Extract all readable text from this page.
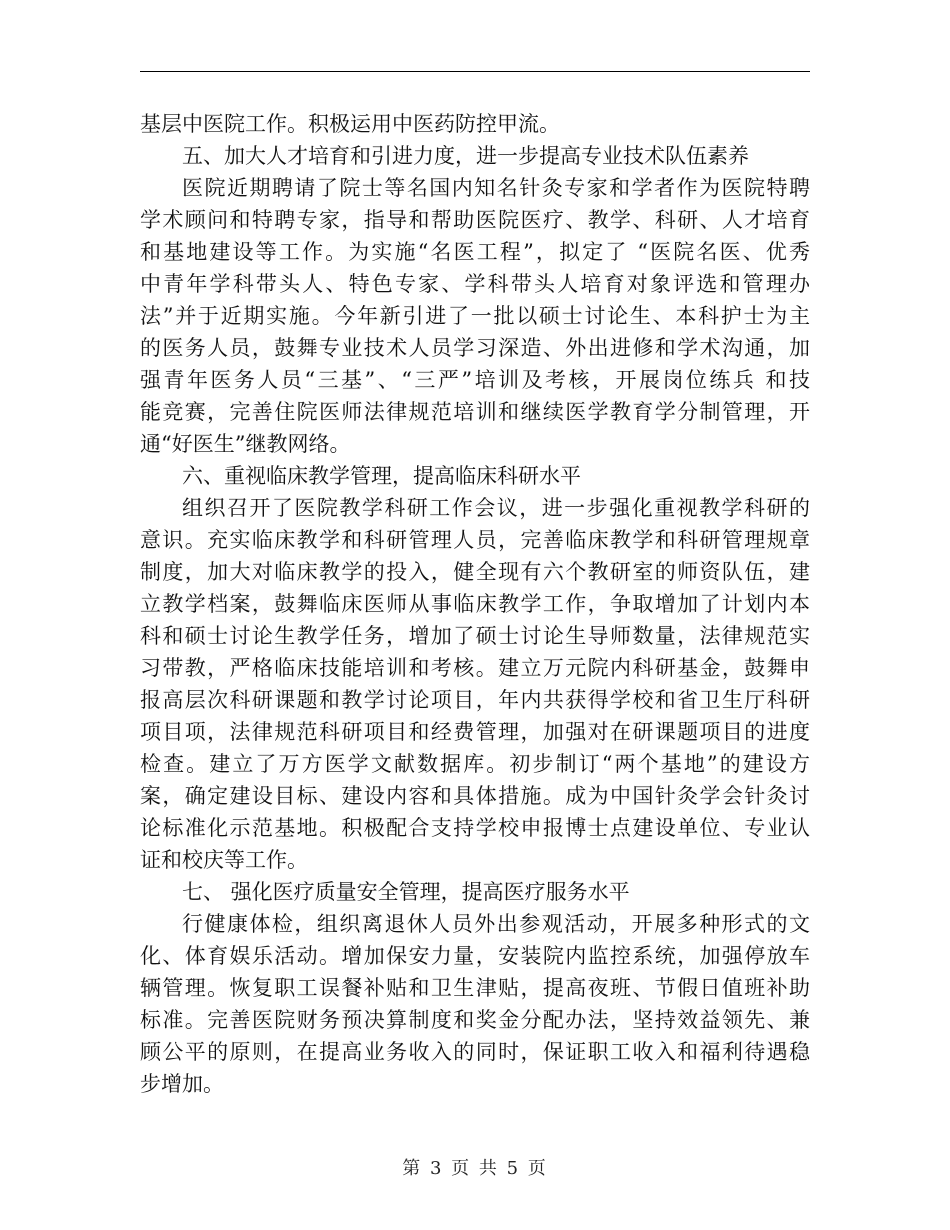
基层中医院工作。积极运用中医药防控甲流。
五、加大人才培育和引进力度，进一步提高专业技术队伍素养
医院近期聘请了院士等名国内知名针灸专家和学者作为医院特聘
学术顾问和特聘专家，指导和帮助医院医疗、教学、科研、人才培育
和基地建设等工作。为实施“名医工程”，拟定了 “医院名医、优秀
中青年学科带头人、特色专家、学科带头人培育对象评选和管理办
法”并于近期实施。今年新引进了一批以硕士讨论生、本科护士为主
的医务人员，鼓舞专业技术人员学习深造、外出进修和学术沟通，加
强青年医务人员“三基”、“三严”培训及考核，开展岗位练兵 和技
能竞赛，完善住院医师法律规范培训和继续医学教育学分制管理，开
通“好医生”继教网络。
六、重视临床教学管理，提高临床科研水平
组织召开了医院教学科研工作会议，进一步强化重视教学科研的
意识。充实临床教学和科研管理人员，完善临床教学和科研管理规章
制度，加大对临床教学的投入，健全现有六个教研室的师资队伍，建
立教学档案，鼓舞临床医师从事临床教学工作，争取增加了计划内本
科和硕士讨论生教学任务，增加了硕士讨论生导师数量，法律规范实
习带教，严格临床技能培训和考核。建立万元院内科研基金，鼓舞申
报高层次科研课题和教学讨论项目，年内共获得学校和省卫生厅科研
项目项，法律规范科研项目和经费管理，加强对在研课题项目的进度
检查。建立了万方医学文献数据库。初步制订“两个基地”的建设方
案，确定建设目标、建设内容和具体措施。成为中国针灸学会针灸讨
论标准化示范基地。积极配合支持学校申报博士点建设单位、专业认
证和校庆等工作。
七、 强化医疗质量安全管理，提高医疗服务水平
行健康体检，组织离退休人员外出参观活动，开展多种形式的文
化、体育娱乐活动。增加保安力量，安装院内监控系统，加强停放车
辆管理。恢复职工误餐补贴和卫生津贴，提高夜班、节假日值班补助
标准。完善医院财务预决算制度和奖金分配办法，坚持效益领先、兼
顾公平的原则，在提高业务收入的同时，保证职工收入和福利待遇稳
步增加。
第 3 页 共 5 页
